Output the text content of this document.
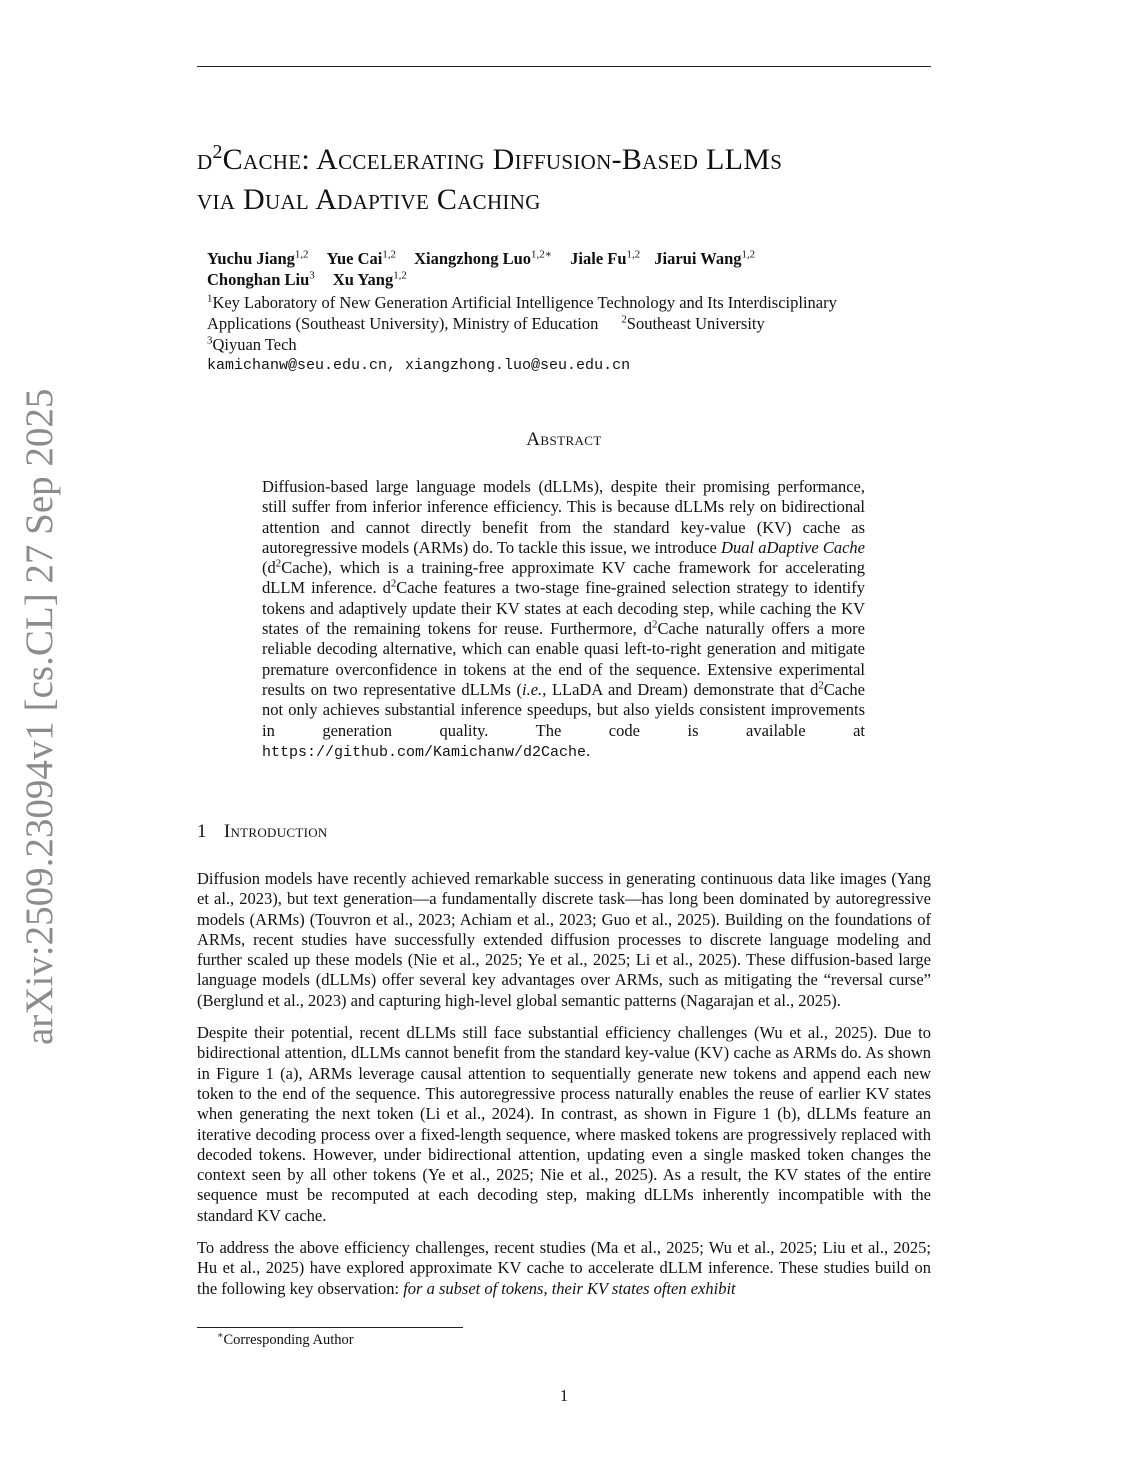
arXiv:2509.23094v1 [cs.CL] 27 Sep 2025
$d^2Cache$: Accelerating Diffusion-Based LLMs
via Dual Adaptive Caching
Yuchu Jiang$^{1,2}$ Yue Cai$^{1,2}$ Xiangzhong Luo$^{1,2∗}$ Jiale Fu$^{1,2}$ Jiarui Wang$^{1,2}$
Chonghan Liu$^3$ Xu Yang$^{1,2}$
$^1$Key Laboratory of New Generation Artificial Intelligence Technology and Its Interdisciplinary
Applications (Southeast University), Ministry of Education $^2$Southeast University
$^3$Qiyuan Tech
kamichanw@seu.edu.cn, xiangzhong.luo@seu.edu.cn
Abstract

Diffusion-based large language models (dLLMs), despite their promising performance, still suffer from inferior inference efficiency. This is because dLLMs rely on bidirectional attention and cannot directly benefit from the standard key-value (KV) cache as autoregressive models (ARMs) do. To tackle this issue, we introduce Dual aDaptive Cache $(d^2Cache)$, which is a training-free approximate KV cache framework for accelerating dLLM inference. $d^2Cache$ features a two-stage fine-grained selection strategy to identify tokens and adaptively update their KV states at each decoding step, while caching the KV states of the remaining tokens for reuse. Furthermore, $d^2Cache$ naturally offers a more reliable decoding alternative, which can enable quasi left-to-right generation and mitigate premature overconfidence in tokens at the end of the sequence. Extensive experimental results on two representative dLLMs (i.e., LLaDA and Dream) demonstrate that $d^2Cache$ not only achieves substantial inference speedups, but also yields consistent improvements in generation quality. The code is available at https://github.com/Kamichanw/d2Cache.

1 Introduction

Diffusion models have recently achieved remarkable success in generating continuous data like images (Yang et al., 2023), but text generation—a fundamentally discrete task—has long been dominated by autoregressive models (ARMs) (Touvron et al., 2023; Achiam et al., 2023; Guo et al., 2025). Building on the foundations of ARMs, recent studies have successfully extended diffusion processes to discrete language modeling and further scaled up these models (Nie et al., 2025; Ye et al., 2025; Li et al., 2025). These diffusion-based large language models (dLLMs) offer several key advantages over ARMs, such as mitigating the “reversal curse” (Berglund et al., 2023) and capturing high-level global semantic patterns (Nagarajan et al., 2025).

Despite their potential, recent dLLMs still face substantial efficiency challenges (Wu et al., 2025). Due to bidirectional attention, dLLMs cannot benefit from the standard key-value (KV) cache as ARMs do. As shown in Figure 1 (a), ARMs leverage causal attention to sequentially generate new tokens and append each new token to the end of the sequence. This autoregressive process naturally enables the reuse of earlier KV states when generating the next token (Li et al., 2024). In contrast, as shown in Figure 1 (b), dLLMs feature an iterative decoding process over a fixed-length sequence, where masked tokens are progressively replaced with decoded tokens. However, under bidirectional attention, updating even a single masked token changes the context seen by all other tokens (Ye et al., 2025; Nie et al., 2025). As a result, the KV states of the entire sequence must be recomputed at each decoding step, making dLLMs inherently incompatible with the standard KV cache.

To address the above efficiency challenges, recent studies (Ma et al., 2025; Wu et al., 2025; Liu et al., 2025; Hu et al., 2025) have explored approximate KV cache to accelerate dLLM inference. These studies build on the following key observation: for a subset of tokens, their KV states often exhibit

∗Corresponding Author
1
